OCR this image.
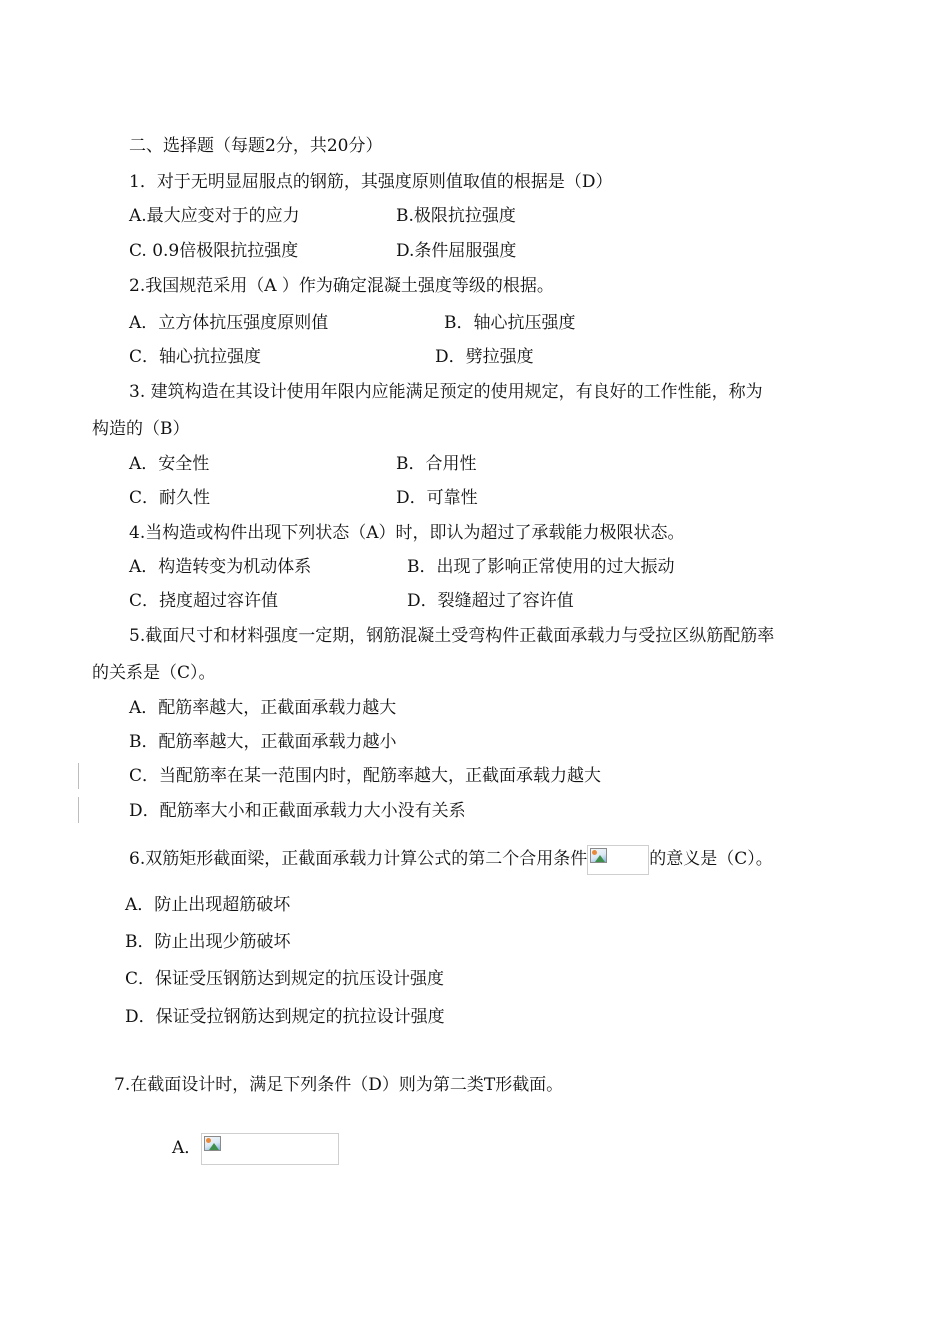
二、选择题（每题2分，共20分）
1．对于无明显屈服点的钢筋，其强度原则值取值的根据是（D）
A.最大应变对于的应力	B.极限抗拉强度
C. 0.9倍极限抗拉强度	D.条件屈服强度
2.我国规范采用（A ）作为确定混凝土强度等级的根据。
A．立方体抗压强度原则值	B．轴心抗压强度
C．轴心抗拉强度	D．劈拉强度
3. 建筑构造在其设计使用年限内应能满足预定的使用规定，有良好的工作性能，称为
构造的（B）
A．安全性	B．合用性
C．耐久性	D．可靠性
4.当构造或构件出现下列状态（A）时，即认为超过了承载能力极限状态。
A．构造转变为机动体系	B．出现了影响正常使用的过大振动
C．挠度超过容许值	D．裂缝超过了容许值
5.截面尺寸和材料强度一定期，钢筋混凝土受弯构件正截面承载力与受拉区纵筋配筋率
的关系是（C）。
A．配筋率越大，正截面承载力越大
B．配筋率越大，正截面承载力越小
C．当配筋率在某一范围内时，配筋率越大，正截面承载力越大
D．配筋率大小和正截面承载力大小没有关系
6.双筋矩形截面梁，正截面承载力计算公式的第二个合用条件	的意义是（C）。
A．防止出现超筋破坏
B．防止出现少筋破坏
C．保证受压钢筋达到规定的抗压设计强度
D．保证受拉钢筋达到规定的抗拉设计强度
7.在截面设计时，满足下列条件（D）则为第二类T形截面。
A．
